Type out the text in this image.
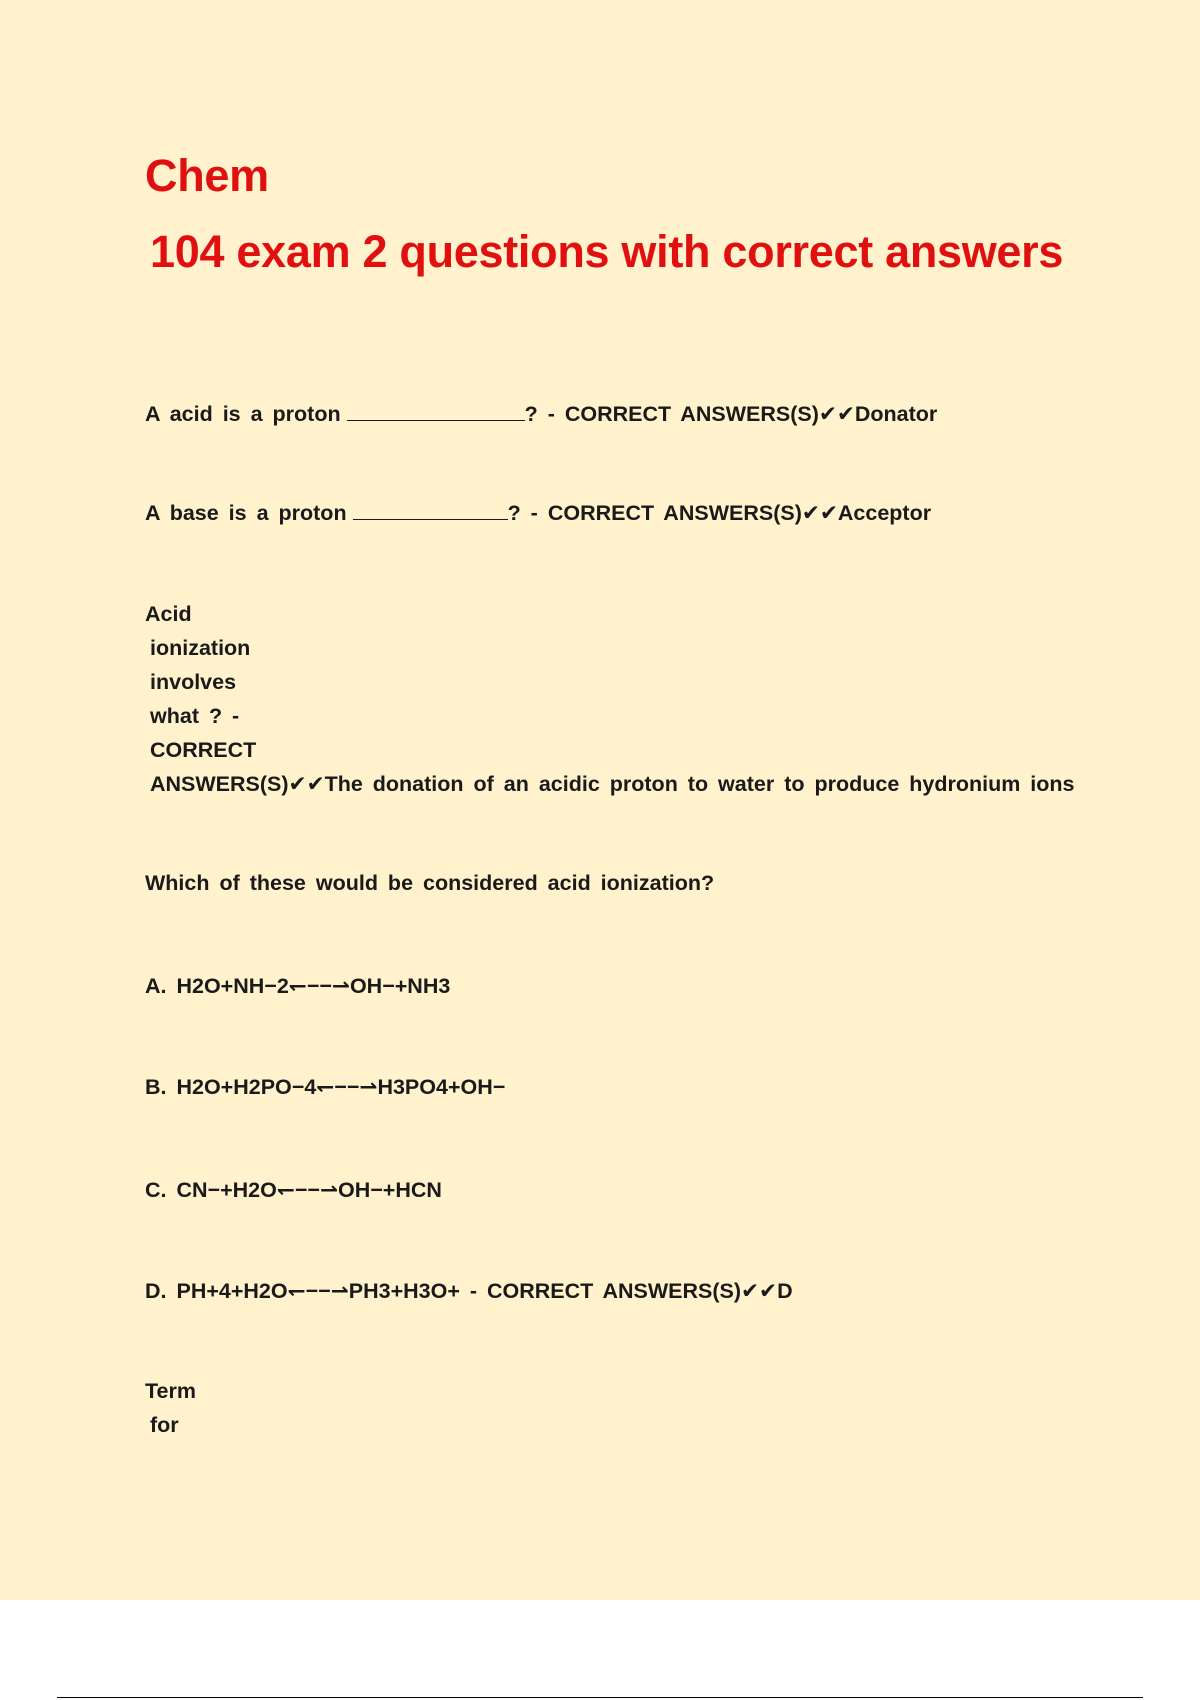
Chem
104 exam 2 questions with correct answers

A acid is a proton	? - CORRECT ANSWERS(S)✔✔Donator

A base is a proton	? - CORRECT ANSWERS(S)✔✔Acceptor

Acid

ionization

involves

what ? -

CORRECT

ANSWERS(S)✔✔The donation of an acidic proton to water to produce hydronium ions

Which of these would be considered acid ionization?

A. H2O+NH−2↽−−⇀OH−+NH3

B. H2O+H2PO−4↽−−⇀H3PO4+OH−

C. CN−+H2O↽−−⇀OH−+HCN

D. PH+4+H2O↽−−⇀PH3+H3O+ - CORRECT ANSWERS(S)✔✔D

Term

for
